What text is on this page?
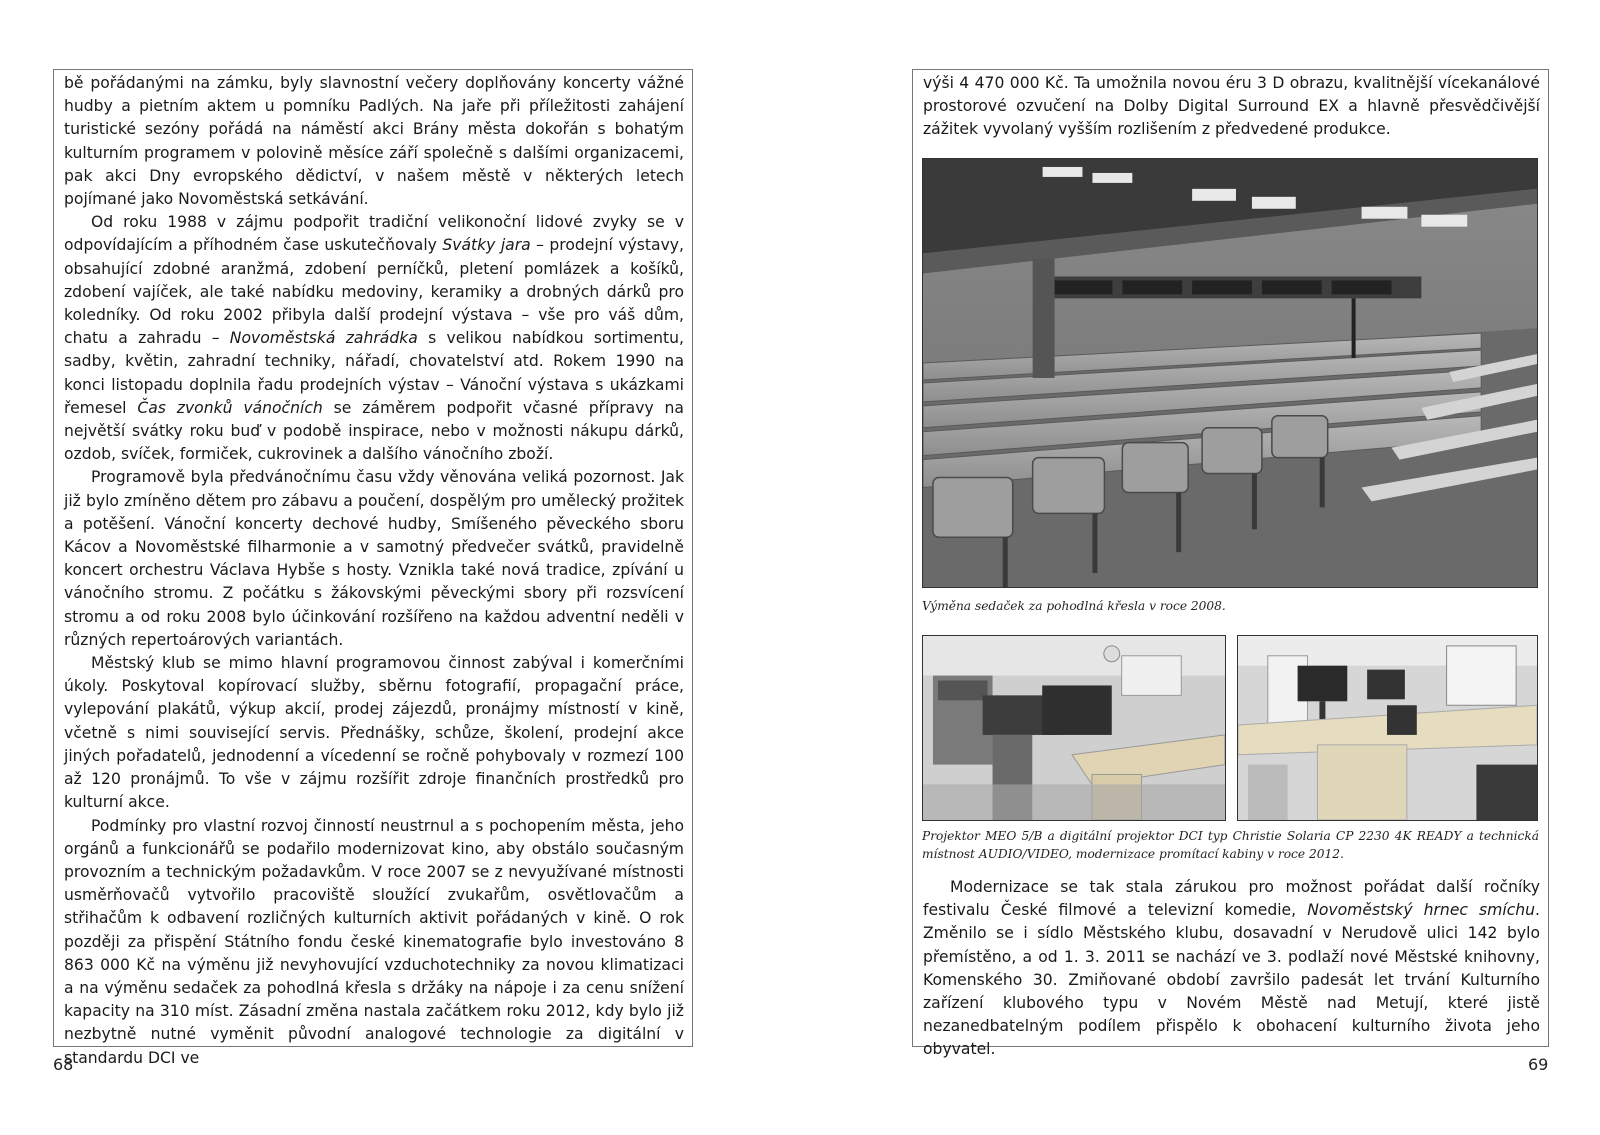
bě pořádanými na zámku, byly slavnostní večery doplňovány koncerty vážné hudby a pietním aktem u pomníku Padlých. Na jaře při příležitosti zahájení turistické sezóny pořádá na náměstí akci Brány města dokořán s bohatým kulturním programem v polovině měsíce září společně s dalšími organizacemi, pak akci Dny evropského dědictví, v našem městě v některých letech pojímané jako Novoměstská setkávání.

Od roku 1988 v zájmu podpořit tradiční velikonoční lidové zvyky se v odpovídajícím a příhodném čase uskutečňovaly Svátky jara – prodejní výstavy, obsahující zdobné aranžmá, zdobení perníčků, pletení pomlázek a košíků, zdobení vajíček, ale také nabídku medoviny, keramiky a drobných dárků pro koledníky. Od roku 2002 přibyla další prodejní výstava – vše pro váš dům, chatu a zahradu – Novoměstská zahrádka s velikou nabídkou sortimentu, sadby, květin, zahradní techniky, nářadí, chovatelství atd. Rokem 1990 na konci listopadu doplnila řadu prodejních výstav – Vánoční výstava s ukázkami řemesel Čas zvonků vánočních se záměrem podpořit včasné přípravy na největší svátky roku buď v podobě inspirace, nebo v možnosti nákupu dárků, ozdob, svíček, formiček, cukrovinek a dalšího vánočního zboží.

Programově byla předvánočnímu času vždy věnována veliká pozornost. Jak již bylo zmíněno dětem pro zábavu a poučení, dospělým pro umělecký prožitek a potěšení. Vánoční koncerty dechové hudby, Smíšeného pěveckého sboru Kácov a Novoměstské filharmonie a v samotný předvečer svátků, pravidelně koncert orchestru Václava Hybše s hosty. Vznikla také nová tradice, zpívání u vánočního stromu. Z počátku s žákovskými pěveckými sbory při rozsvícení stromu a od roku 2008 bylo účinkování rozšířeno na každou adventní neděli v různých repertoárových variantách.

Městský klub se mimo hlavní programovou činnost zabýval i komerčními úkoly. Poskytoval kopírovací služby, sběrnu fotografií, propagační práce, vylepování plakátů, výkup akcií, prodej zájezdů, pronájmy místností v kině, včetně s nimi související servis. Přednášky, schůze, školení, prodejní akce jiných pořadatelů, jednodenní a vícedenní se ročně pohybovaly v rozmezí 100 až 120 pronájmů. To vše v zájmu rozšířit zdroje finančních prostředků pro kulturní akce.

Podmínky pro vlastní rozvoj činností neustrnul a s pochopením města, jeho orgánů a funkcionářů se podařilo modernizovat kino, aby obstálo současným provozním a technickým požadavkům. V roce 2007 se z nevyužívané místnosti usměrňovačů vytvořilo pracoviště sloužící zvukařům, osvětlovačům a střihačům k odbavení rozličných kulturních aktivit pořádaných v kině. O rok později za přispění Státního fondu české kinematografie bylo investováno 8 863 000 Kč na výměnu již nevyhovující vzduchotechniky za novou klimatizaci a na výměnu sedaček za pohodlná křesla s držáky na nápoje i za cenu snížení kapacity na 310 míst. Zásadní změna nastala začátkem roku 2012, kdy bylo již nezbytně nutné vyměnit původní analogové technologie za digitální v standardu DCI ve

výši 4 470 000 Kč. Ta umožnila novou éru 3 D obrazu, kvalitnější vícekanálové prostorové ozvučení na Dolby Digital Surround EX a hlavně přesvědčivější zážitek vyvolaný vyšším rozlišením z předvedené produkce.

Výměna sedaček za pohodlná křesla v roce 2008.
Projektor MEO 5/B a digitální projektor DCI typ Christie Solaria CP 2230 4K READY a technická místnost AUDIO/VIDEO, modernizace promítací kabiny v roce 2012.

Modernizace se tak stala zárukou pro možnost pořádat další ročníky festivalu České filmové a televizní komedie, Novoměstský hrnec smíchu. Změnilo se i sídlo Městského klubu, dosavadní v Nerudově ulici 142 bylo přemístěno, a od 1. 3. 2011 se nachází ve 3. podlaží nové Městské knihovny, Komenského 30. Zmiňované období završilo padesát let trvání Kulturního zařízení klubového typu v Novém Městě nad Metují, které jistě nezanedbatelným podílem přispělo k obohacení kulturního života jeho obyvatel.

68	69
